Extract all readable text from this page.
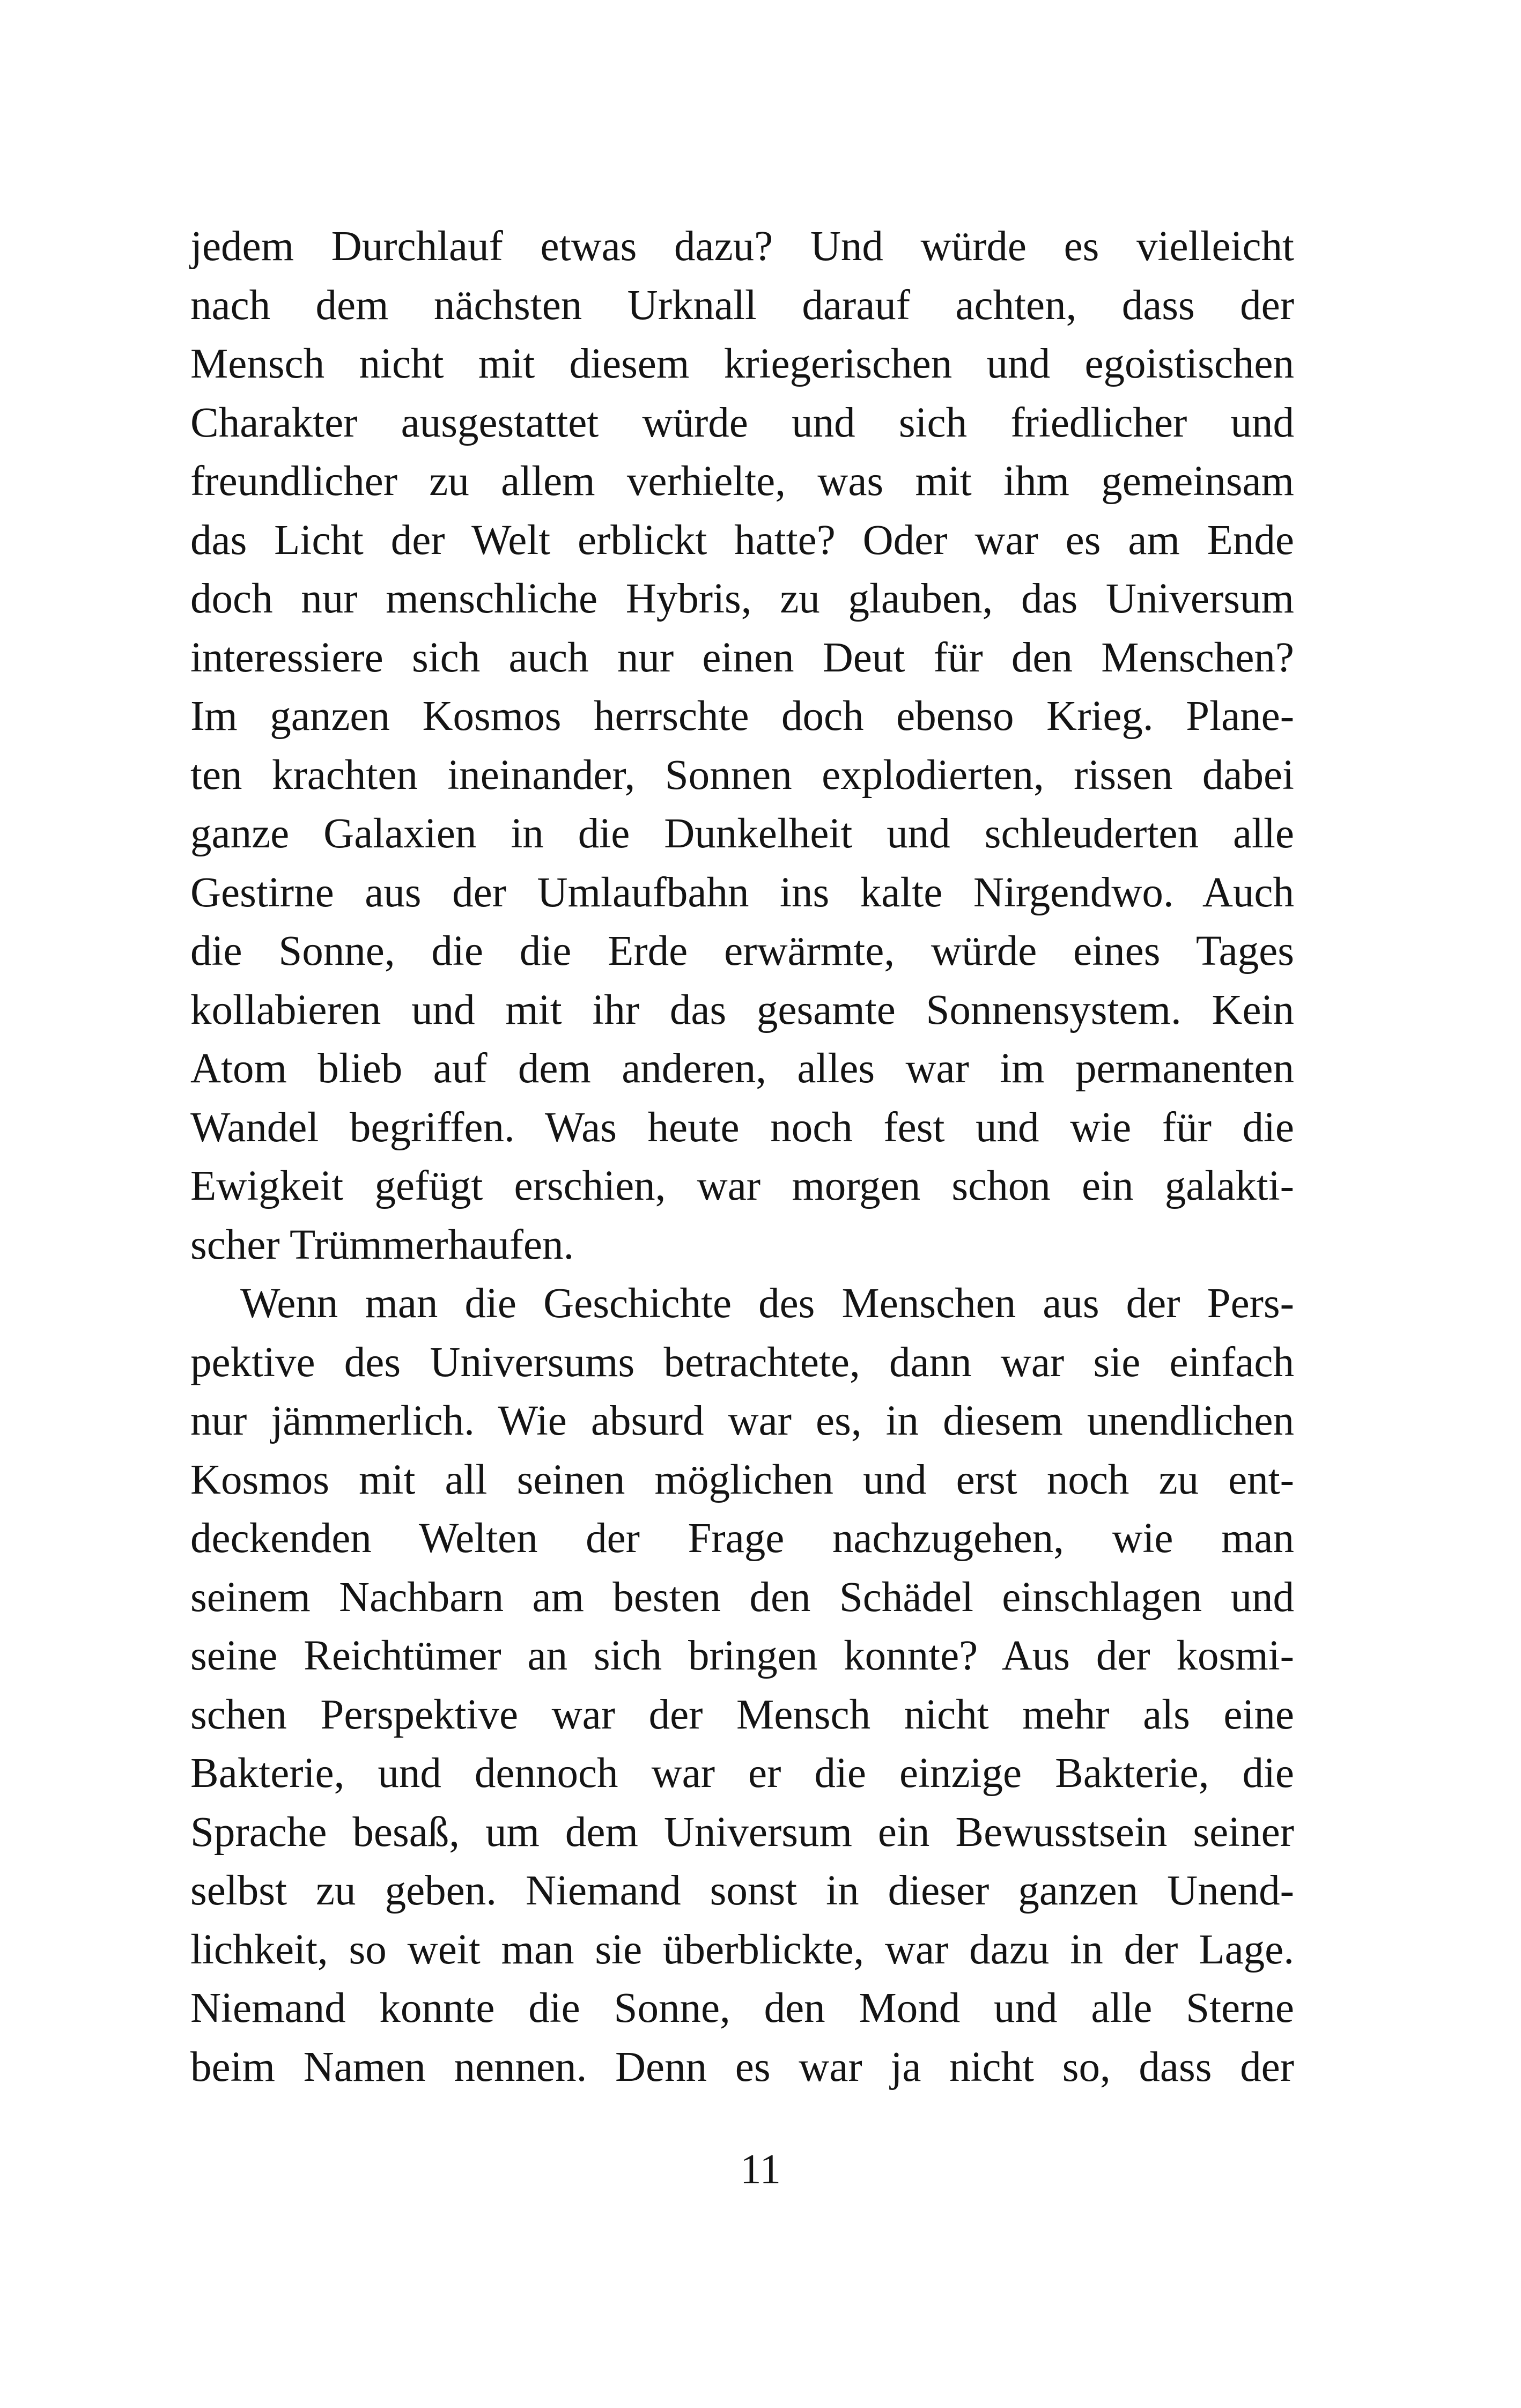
jedem Durchlauf etwas dazu? Und würde es vielleicht
nach dem nächsten Urknall darauf achten, dass der
Mensch nicht mit diesem kriegerischen und egoistischen
Charakter ausgestattet würde und sich friedlicher und
freundlicher zu allem verhielte, was mit ihm gemeinsam
das Licht der Welt erblickt hatte? Oder war es am Ende
doch nur menschliche Hybris, zu glauben, das Universum
interessiere sich auch nur einen Deut für den Menschen?
Im ganzen Kosmos herrschte doch ebenso Krieg. Plane-
ten krachten ineinander, Sonnen explodierten, rissen dabei
ganze Galaxien in die Dunkelheit und schleuderten alle
Gestirne aus der Umlaufbahn ins kalte Nirgendwo. Auch
die Sonne, die die Erde erwärmte, würde eines Tages
kollabieren und mit ihr das gesamte Sonnensystem. Kein
Atom blieb auf dem anderen, alles war im permanenten
Wandel begriffen. Was heute noch fest und wie für die
Ewigkeit gefügt erschien, war morgen schon ein galakti-
scher Trümmerhaufen.
Wenn man die Geschichte des Menschen aus der Pers-
pektive des Universums betrachtete, dann war sie einfach
nur jämmerlich. Wie absurd war es, in diesem unendlichen
Kosmos mit all seinen möglichen und erst noch zu ent-
deckenden Welten der Frage nachzugehen, wie man
seinem Nachbarn am besten den Schädel einschlagen und
seine Reichtümer an sich bringen konnte? Aus der kosmi-
schen Perspektive war der Mensch nicht mehr als eine
Bakterie, und dennoch war er die einzige Bakterie, die
Sprache besaß, um dem Universum ein Bewusstsein seiner
selbst zu geben. Niemand sonst in dieser ganzen Unend-
lichkeit, so weit man sie überblickte, war dazu in der Lage.
Niemand konnte die Sonne, den Mond und alle Sterne
beim Namen nennen. Denn es war ja nicht so, dass der
11
